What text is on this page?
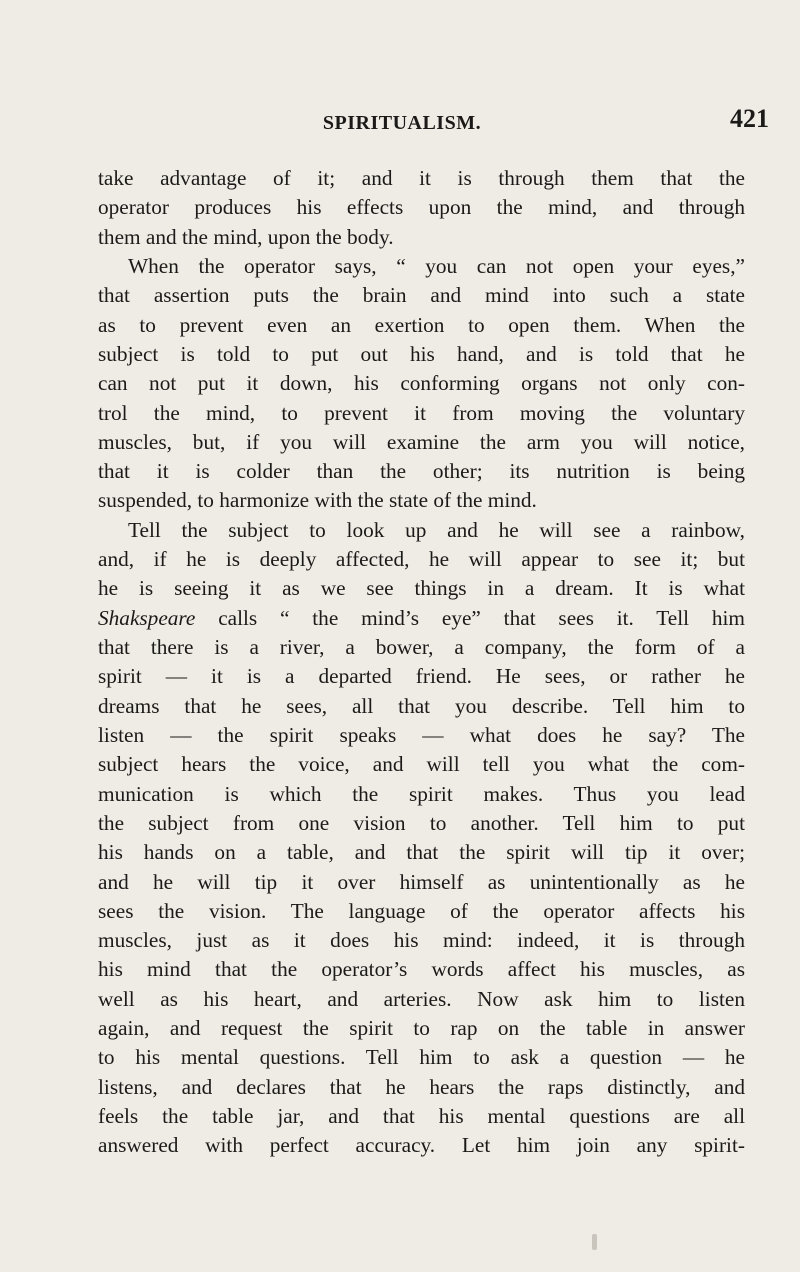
SPIRITUALISM.	421
take advantage of it; and it is through them that the
operator produces his effects upon the mind, and through
them and the mind, upon the body.
When the operator says, “ you can not open your eyes,”
that assertion puts the brain and mind into such a state
as to prevent even an exertion to open them. When the
subject is told to put out his hand, and is told that he
can not put it down, his conforming organs not only con-
trol the mind, to prevent it from moving the voluntary
muscles, but, if you will examine the arm you will notice,
that it is colder than the other; its nutrition is being
suspended, to harmonize with the state of the mind.
Tell the subject to look up and he will see a rainbow,
and, if he is deeply affected, he will appear to see it; but
he is seeing it as we see things in a dream. It is what
Shakspeare calls “ the mind’s eye” that sees it. Tell him
that there is a river, a bower, a company, the form of a
spirit — it is a departed friend. He sees, or rather he
dreams that he sees, all that you describe. Tell him to
listen — the spirit speaks — what does he say? The
subject hears the voice, and will tell you what the com-
munication is which the spirit makes. Thus you lead
the subject from one vision to another. Tell him to put
his hands on a table, and that the spirit will tip it over;
and he will tip it over himself as unintentionally as he
sees the vision. The language of the operator affects his
muscles, just as it does his mind: indeed, it is through
his mind that the operator’s words affect his muscles, as
well as his heart, and arteries. Now ask him to listen
again, and request the spirit to rap on the table in answer
to his mental questions. Tell him to ask a question — he
listens, and declares that he hears the raps distinctly, and
feels the table jar, and that his mental questions are all
answered with perfect accuracy. Let him join any spirit-
